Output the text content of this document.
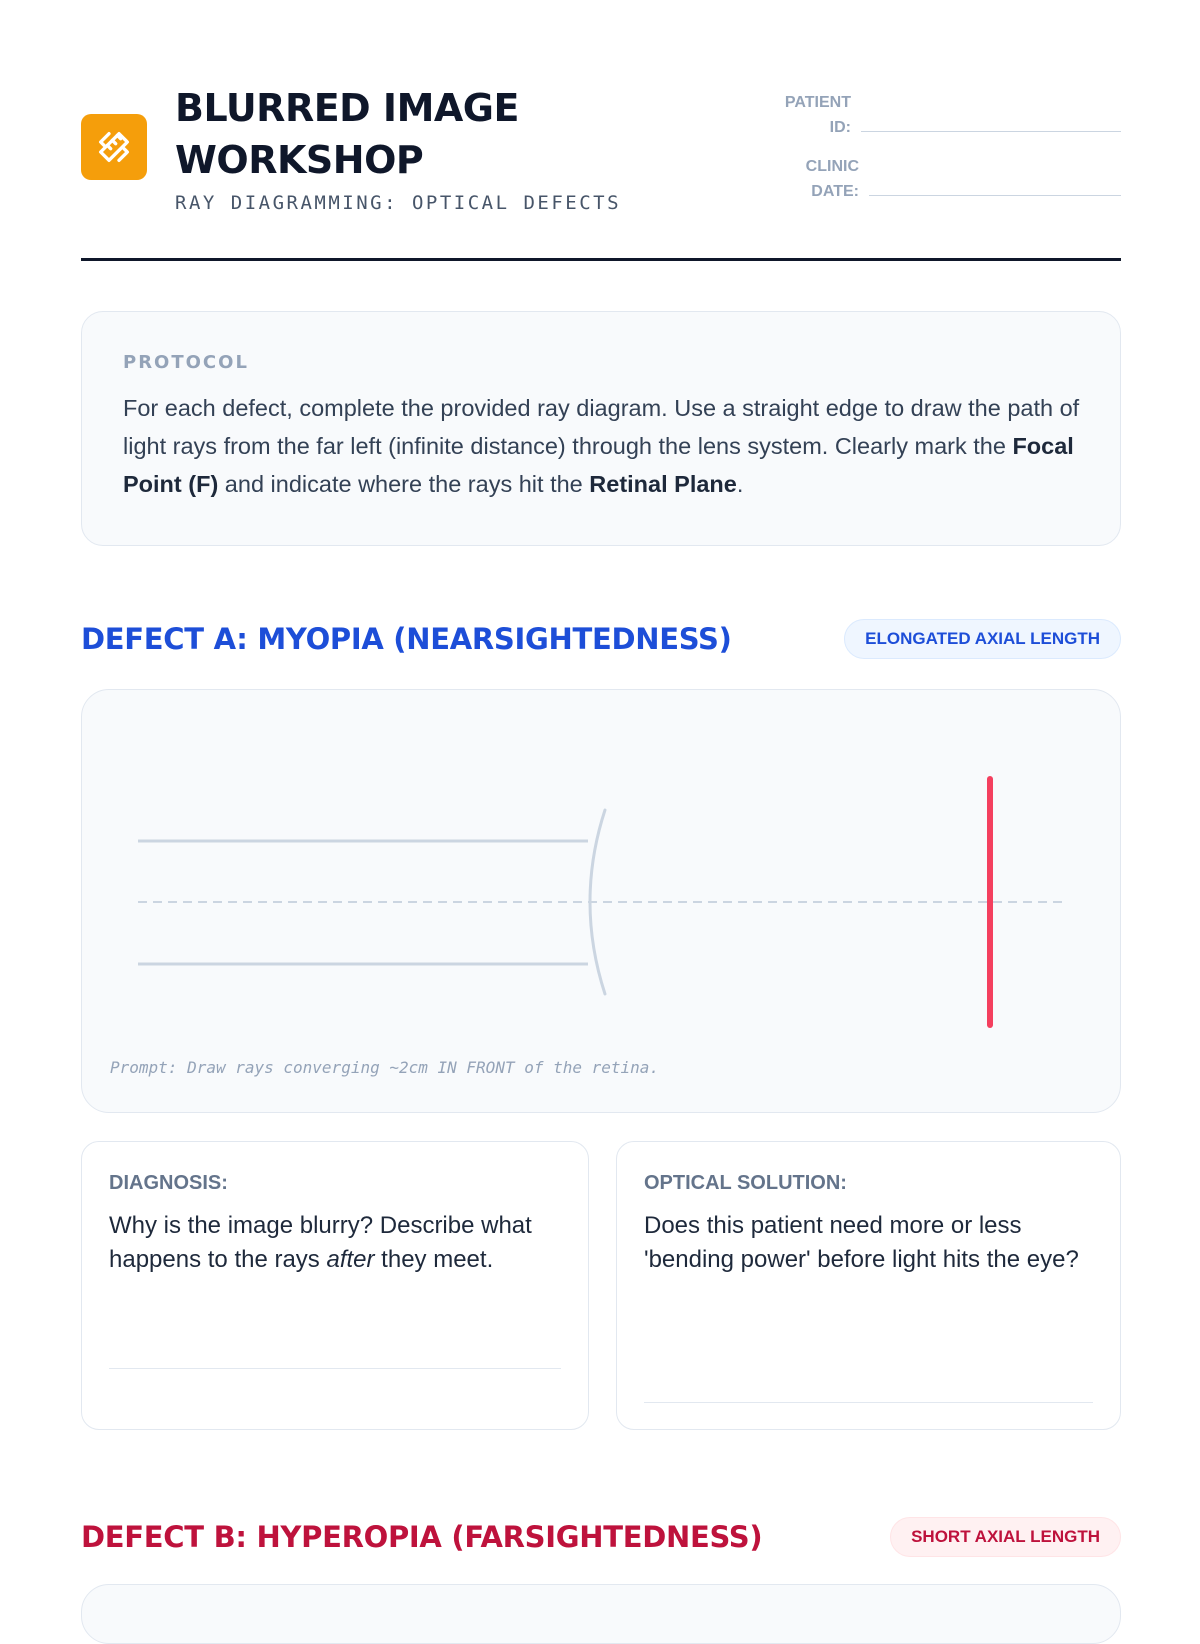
BLURRED IMAGE WORKSHOP
RAY DIAGRAMMING: OPTICAL DEFECTS
PATIENT
ID:
CLINIC
DATE:
PROTOCOL
For each defect, complete the provided ray diagram. Use a straight edge to draw the path of light rays from the far left (infinite distance) through the lens system. Clearly mark the Focal Point (F) and indicate where the rays hit the Retinal Plane.
DEFECT A: MYOPIA (NEARSIGHTEDNESS)	ELONGATED AXIAL LENGTH
Prompt: Draw rays converging ~2cm IN FRONT of the retina.
DIAGNOSIS:
Why is the image blurry? Describe what happens to the rays after they meet.
OPTICAL SOLUTION:
Does this patient need more or less 'bending power' before light hits the eye?
DEFECT B: HYPEROPIA (FARSIGHTEDNESS)	SHORT AXIAL LENGTH
